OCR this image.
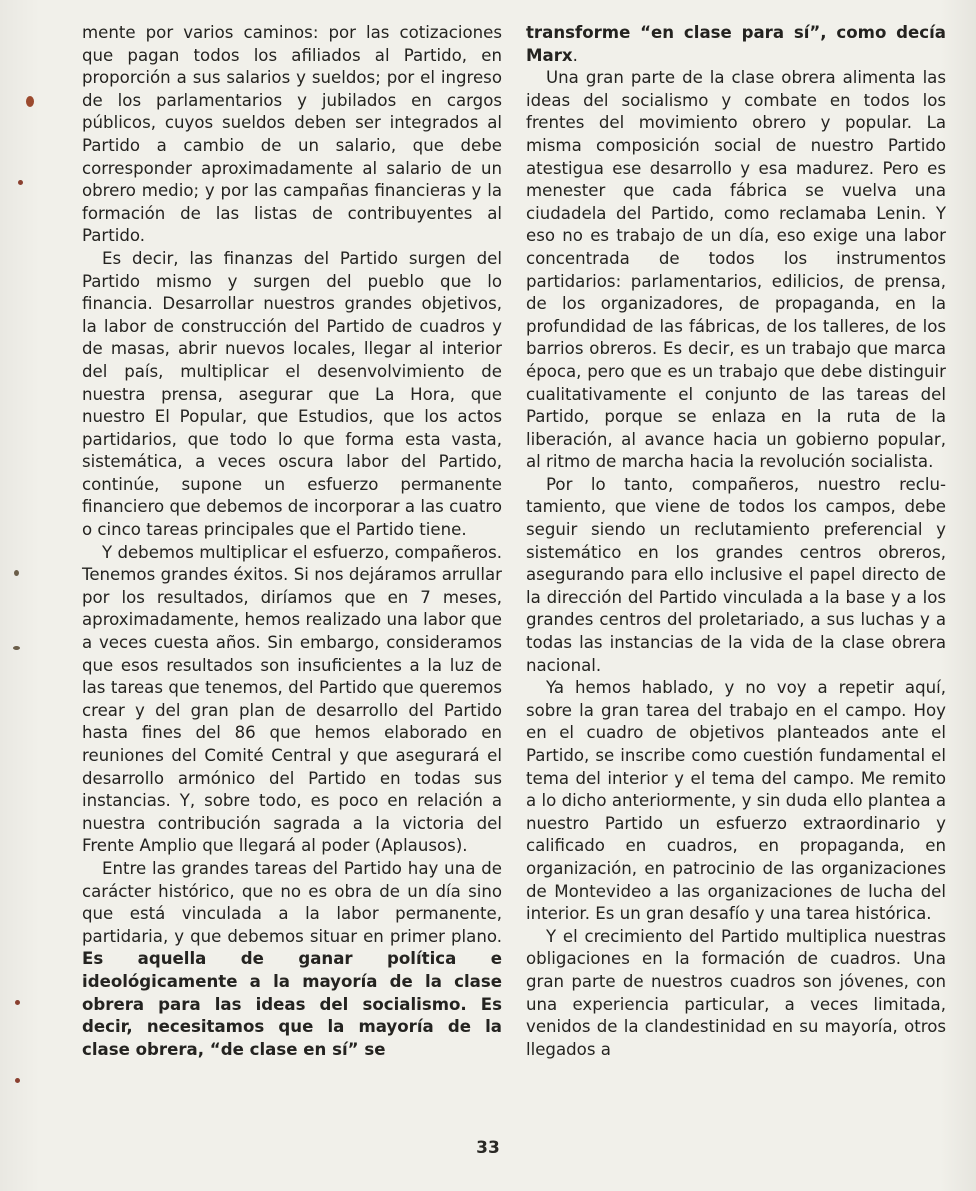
mente por varios caminos: por las cotizaciones que pagan todos los afiliados al Partido, en proporción a sus salarios y sueldos; por el ingreso de los parlamentarios y jubilados en cargos públicos, cuyos sueldos deben ser integrados al Partido a cambio de un salario, que debe corresponder aproximadamente al salario de un obrero medio; y por las campañas financieras y la formación de las listas de contribuyentes al Partido.

Es decir, las finanzas del Partido surgen del Partido mismo y surgen del pueblo que lo financia. Desarrollar nuestros grandes objetivos, la labor de construcción del Partido de cuadros y de masas, abrir nuevos locales, llegar al interior del país, multiplicar el desenvolvimiento de nuestra prensa, asegurar que La Hora, que nuestro El Popular, que Estudios, que los actos partidarios, que todo lo que forma esta vasta, sistemática, a veces oscura labor del Partido, continúe, supone un esfuerzo permanente financiero que debemos de incorporar a las cuatro o cinco tareas principales que el Partido tiene.

Y debemos multiplicar el esfuerzo, compañeros. Tenemos grandes éxitos. Si nos dejáramos arrullar por los resultados, diríamos que en 7 meses, aproximadamente, hemos realizado una labor que a veces cuesta años. Sin embargo, consideramos que esos resultados son insuficientes a la luz de las tareas que tenemos, del Partido que queremos crear y del gran plan de desarrollo del Partido hasta fines del 86 que hemos elaborado en reuniones del Comité Central y que asegurará el desarrollo armónico del Partido en todas sus instancias. Y, sobre todo, es poco en relación a nuestra contribución sagrada a la victoria del Frente Amplio que llegará al poder (Aplausos).

Entre las grandes tareas del Partido hay una de carácter histórico, que no es obra de un día sino que está vinculada a la labor permanente, partidaria, y que debemos situar en primer plano. Es aquella de ganar política e ideológicamente a la mayoría de la clase obrera para las ideas del socialismo. Es decir, necesitamos que la mayoría de la clase obrera, “de clase en sí” se

transforme “en clase para sí”, como decía Marx.

Una gran parte de la clase obrera alimenta las ideas del socialismo y combate en todos los frentes del movimiento obrero y popular. La misma composición social de nuestro Partido atestigua ese desarrollo y esa madurez. Pero es menester que cada fábrica se vuelva una ciudadela del Partido, como reclamaba Lenin. Y eso no es trabajo de un día, eso exige una labor concentrada de todos los instrumentos partidarios: parlamentarios, edilicios, de prensa, de los organizadores, de propaganda, en la profundidad de las fábricas, de los talleres, de los barrios obreros. Es decir, es un trabajo que marca época, pero que es un trabajo que debe distinguir cualitativamente el conjunto de las tareas del Partido, porque se enlaza en la ruta de la liberación, al avance hacia un gobierno popular, al ritmo de marcha hacia la revolución socialista.

Por lo tanto, compañeros, nuestro reclutamiento, que viene de todos los campos, debe seguir siendo un reclutamiento preferencial y sistemático en los grandes centros obreros, asegurando para ello inclusive el papel directo de la dirección del Partido vinculada a la base y a los grandes centros del proletariado, a sus luchas y a todas las instancias de la vida de la clase obrera nacional.

Ya hemos hablado, y no voy a repetir aquí, sobre la gran tarea del trabajo en el campo. Hoy en el cuadro de objetivos planteados ante el Partido, se inscribe como cuestión fundamental el tema del interior y el tema del campo. Me remito a lo dicho anteriormente, y sin duda ello plantea a nuestro Partido un esfuerzo extraordinario y calificado en cuadros, en propaganda, en organización, en patrocinio de las organizaciones de Montevideo a las organizaciones de lucha del interior. Es un gran desafío y una tarea histórica.

Y el crecimiento del Partido multiplica nuestras obligaciones en la formación de cuadros. Una gran parte de nuestros cuadros son jóvenes, con una experiencia particular, a veces limitada, venidos de la clandestinidad en su mayoría, otros llegados a

33
